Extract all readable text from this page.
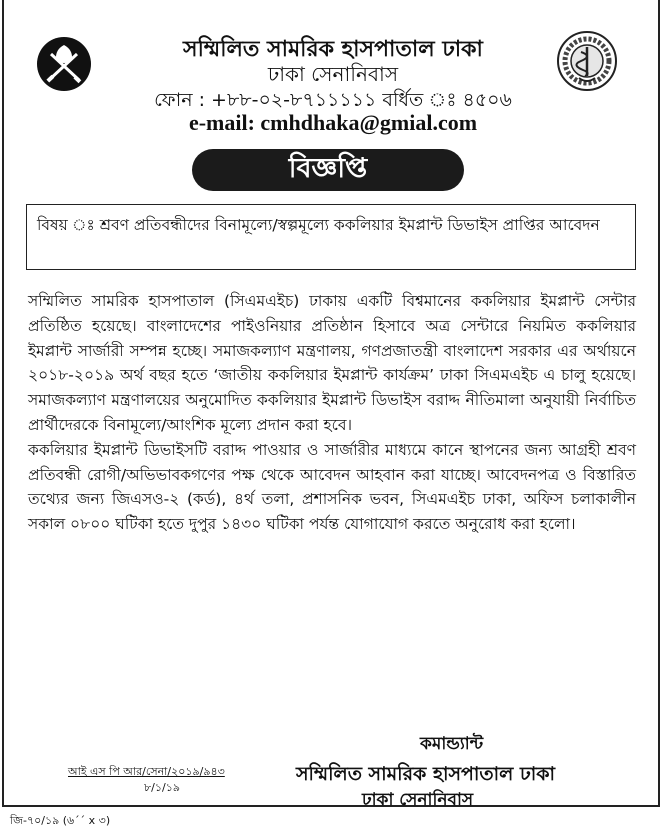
সম্মিলিত সামরিক হাসপাতাল ঢাকা
ঢাকা সেনানিবাস
ফোন : +৮৮-০২-৮৭১১১১১ বর্ধিত ঃ ৪৫০৬
e-mail: cmhdhaka@gmial.com
বিজ্ঞপ্তি
বিষয় ঃ শ্রবণ প্রতিবন্ধীদের বিনামূল্যে/স্বল্পমূল্যে ককলিয়ার ইমপ্লান্ট ডিভাইস প্রাপ্তির আবেদন

সম্মিলিত সামরিক হাসপাতাল (সিএমএইচ) ঢাকায় একটি বিশ্বমানের ককলিয়ার ইমপ্লান্ট সেন্টার প্রতিষ্ঠিত হয়েছে। বাংলাদেশের পাইওনিয়ার প্রতিষ্ঠান হিসাবে অত্র সেন্টারে নিয়মিত ককলিয়ার ইমপ্লান্ট সার্জারী সম্পন্ন হচ্ছে। সমাজকল্যাণ মন্ত্রণালয়, গণপ্রজাতন্ত্রী বাংলাদেশ সরকার এর অর্থায়নে ২০১৮-২০১৯ অর্থ বছর হতে ‘জাতীয় ককলিয়ার ইমপ্লান্ট কার্যক্রম’ ঢাকা সিএমএইচ এ চালু হয়েছে। সমাজকল্যাণ মন্ত্রণালয়ের অনুমোদিত ককলিয়ার ইমপ্লান্ট ডিভাইস বরাদ্দ নীতিমালা অনুযায়ী নির্বাচিত প্রার্থীদেরকে বিনামূল্যে/আংশিক মূল্যে প্রদান করা হবে।

ককলিয়ার ইমপ্লান্ট ডিভাইসটি বরাদ্দ পাওয়ার ও সার্জারীর মাধ্যমে কানে স্থাপনের জন্য আগ্রহী শ্রবণ প্রতিবন্ধী রোগী/অভিভাবকগণের পক্ষ থেকে আবেদন আহবান করা যাচ্ছে। আবেদনপত্র ও বিস্তারিত তথ্যের জন্য জিএসও-২ (কর্ড), ৪র্থ তলা, প্রশাসনিক ভবন, সিএমএইচ ঢাকা, অফিস চলাকালীন সকাল ০৮০০ ঘটিকা হতে দুপুর ১৪৩০ ঘটিকা পর্যন্ত যোগাযোগ করতে অনুরোধ করা হলো।

কমান্ড্যান্ট
সম্মিলিত সামরিক হাসপাতাল ঢাকা
ঢাকা সেনানিবাস
আই এস পি আর/সেনা/২০১৯/৯৪৩
৮/১/১৯
জি-৭০/১৯ (৬ˊˊ x ৩)
